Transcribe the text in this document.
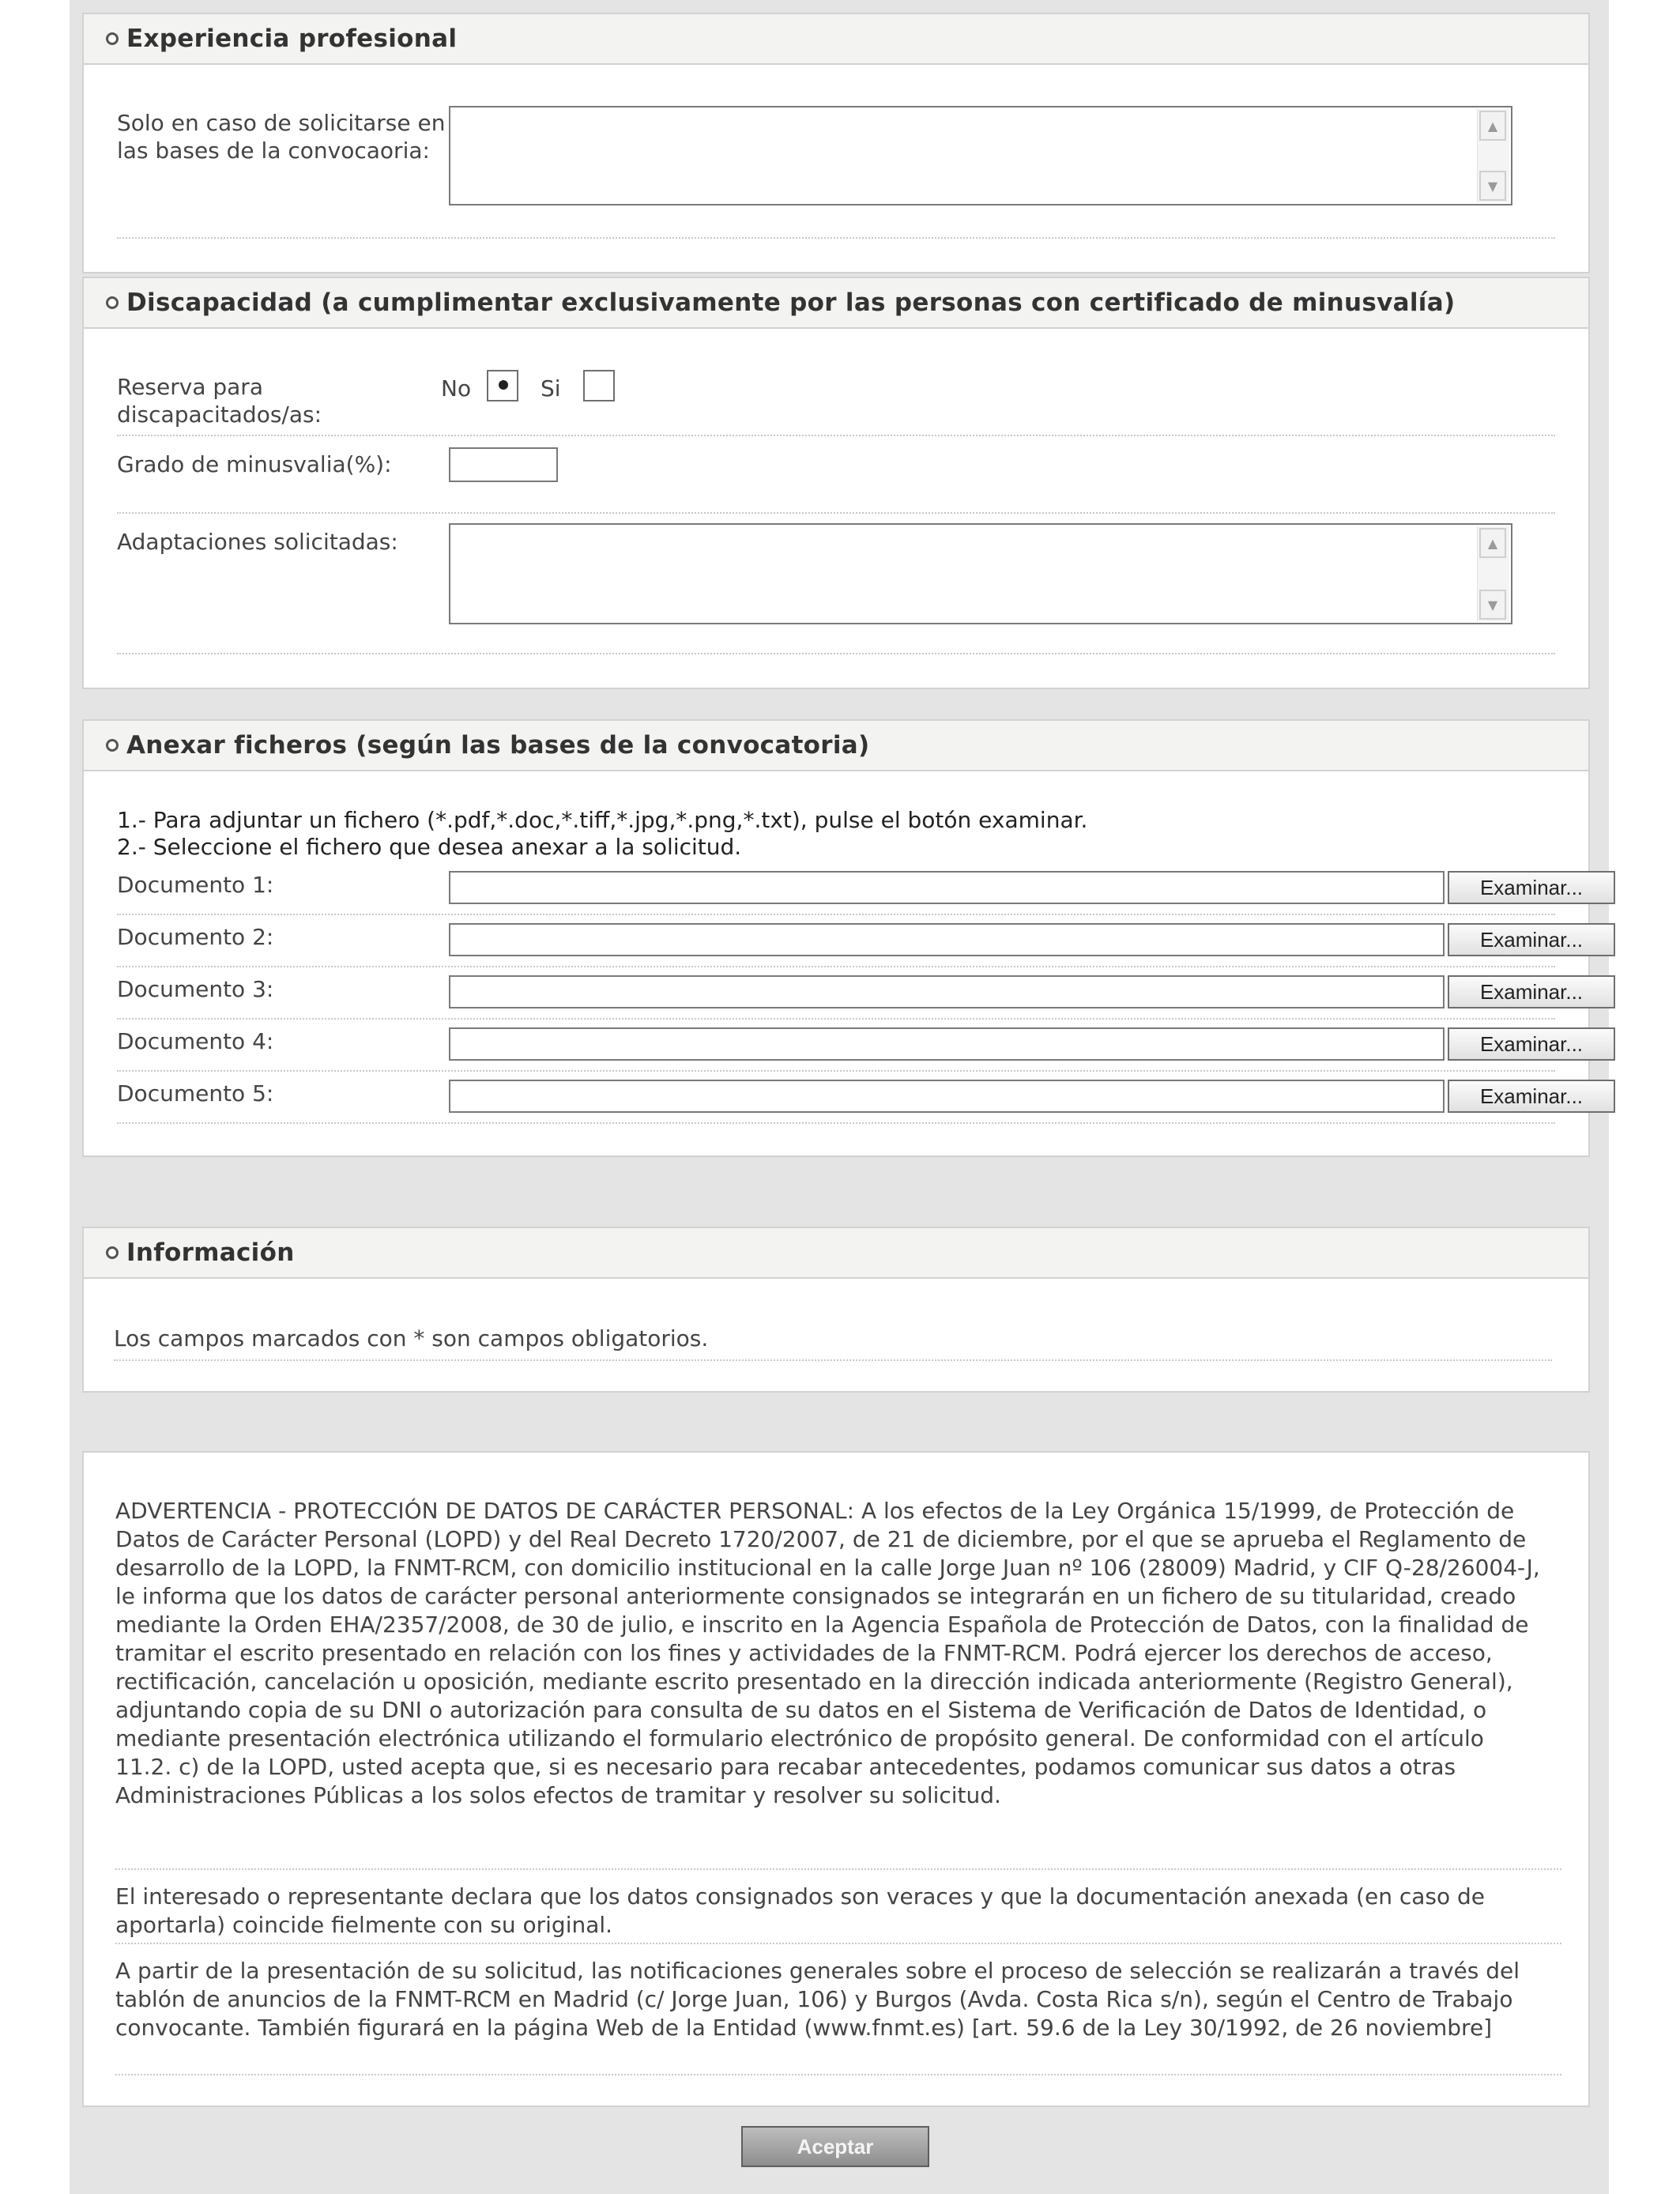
Experiencia profesional
Solo en caso de solicitarse en las bases de la convocaoria:
▲
▼
Discapacidad (a cumplimentar exclusivamente por las personas con certificado de minusvalía)
Reserva para discapacitados/as:
No	Si
Grado de minusvalia(%):
Adaptaciones solicitadas:	▲
▼
Anexar ficheros (según las bases de la convocatoria)
1.- Para adjuntar un fichero (*.pdf,*.doc,*.tiff,*.jpg,*.png,*.txt), pulse el botón examinar.
2.- Seleccione el fichero que desea anexar a la solicitud.
Documento 1:	Examinar...
Documento 2:	Examinar...
Documento 3:	Examinar...
Documento 4:	Examinar...
Documento 5:	Examinar...
Información
Los campos marcados con * son campos obligatorios.
ADVERTENCIA - PROTECCIÓN DE DATOS DE CARÁCTER PERSONAL: A los efectos de la Ley Orgánica 15/1999, de Protección de Datos de Carácter Personal (LOPD) y del Real Decreto 1720/2007, de 21 de diciembre, por el que se aprueba el Reglamento de desarrollo de la LOPD, la FNMT-RCM, con domicilio institucional en la calle Jorge Juan nº 106 (28009) Madrid, y CIF Q-28/26004-J, le informa que los datos de carácter personal anteriormente consignados se integrarán en un fichero de su titularidad, creado mediante la Orden EHA/2357/2008, de 30 de julio, e inscrito en la Agencia Española de Protección de Datos, con la finalidad de tramitar el escrito presentado en relación con los fines y actividades de la FNMT-RCM. Podrá ejercer los derechos de acceso, rectificación, cancelación u oposición, mediante escrito presentado en la dirección indicada anteriormente (Registro General), adjuntando copia de su DNI o autorización para consulta de su datos en el Sistema de Verificación de Datos de Identidad, o mediante presentación electrónica utilizando el formulario electrónico de propósito general. De conformidad con el artículo 11.2. c) de la LOPD, usted acepta que, si es necesario para recabar antecedentes, podamos comunicar sus datos a otras Administraciones Públicas a los solos efectos de tramitar y resolver su solicitud.
El interesado o representante declara que los datos consignados son veraces y que la documentación anexada (en caso de aportarla) coincide fielmente con su original.
A partir de la presentación de su solicitud, las notificaciones generales sobre el proceso de selección se realizarán a través del tablón de anuncios de la FNMT-RCM en Madrid (c/ Jorge Juan, 106) y Burgos (Avda. Costa Rica s/n), según el Centro de Trabajo convocante. También figurará en la página Web de la Entidad (www.fnmt.es) [art. 59.6 de la Ley 30/1992, de 26 noviembre]
Aceptar
